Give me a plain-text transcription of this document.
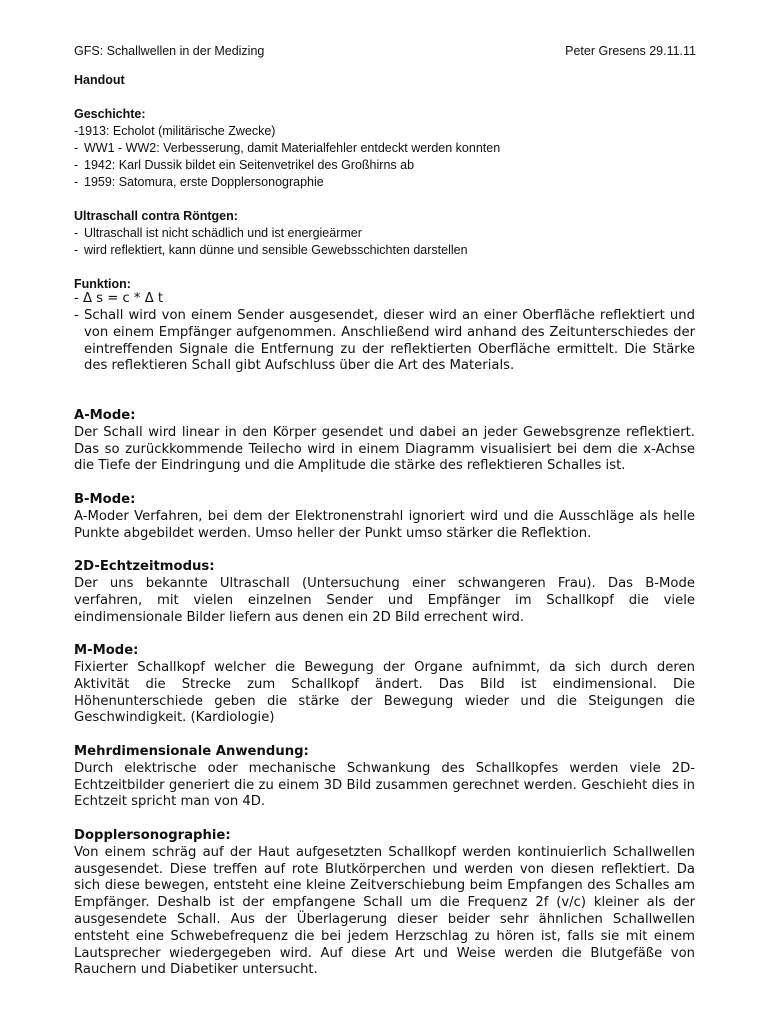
GFS: Schallwellen in der Medizing	Peter Gresens 29.11.11
Handout
Geschichte:
-1913: Echolot (militärische Zwecke)
- WW1 - WW2: Verbesserung, damit Materialfehler entdeckt werden konnten
- 1942: Karl Dussik bildet ein Seitenvetrikel des Großhirns ab
- 1959: Satomura, erste Dopplersonographie
Ultraschall contra Röntgen:
- Ultraschall ist nicht schädlich und ist energieärmer
- wird reflektiert, kann dünne und sensible Gewebsschichten darstellen
Funktion:
- Δ s = c * Δ t
- Schall wird von einem Sender ausgesendet, dieser wird an einer Oberfläche reflektiert und von einem Empfänger aufgenommen. Anschließend wird anhand des Zeitunterschiedes der eintreffenden Signale die Entfernung zu der reflektierten Oberfläche ermittelt. Die Stärke des reflektieren Schall gibt Aufschluss über die Art des Materials.
A-Mode:
Der Schall wird linear in den Körper gesendet und dabei an jeder Gewebsgrenze reflektiert. Das so zurückkommende Teilecho wird in einem Diagramm visualisiert bei dem die x-Achse die Tiefe der Eindringung und die Amplitude die stärke des reflektieren Schalles ist.
B-Mode:
A-Moder Verfahren, bei dem der Elektronenstrahl ignoriert wird und die Ausschläge als helle Punkte abgebildet werden. Umso heller der Punkt umso stärker die Reflektion.
2D-Echtzeitmodus:
Der uns bekannte Ultraschall (Untersuchung einer schwangeren Frau). Das B-Mode verfahren, mit vielen einzelnen Sender und Empfänger im Schallkopf die viele eindimensionale Bilder liefern aus denen ein 2D Bild errechent wird.
M-Mode:
Fixierter Schallkopf welcher die Bewegung der Organe aufnimmt, da sich durch deren Aktivität die Strecke zum Schallkopf ändert. Das Bild ist eindimensional. Die Höhenunterschiede geben die stärke der Bewegung wieder und die Steigungen die Geschwindigkeit. (Kardiologie)
Mehrdimensionale Anwendung:
Durch elektrische oder mechanische Schwankung des Schallkopfes werden viele 2D-Echtzeitbilder generiert die zu einem 3D Bild zusammen gerechnet werden. Geschieht dies in Echtzeit spricht man von 4D.
Dopplersonographie:
Von einem schräg auf der Haut aufgesetzten Schallkopf werden kontinuierlich Schallwellen ausgesendet. Diese treffen auf rote Blutkörperchen und werden von diesen reflektiert. Da sich diese bewegen, entsteht eine kleine Zeitverschiebung beim Empfangen des Schalles am Empfänger. Deshalb ist der empfangene Schall um die Frequenz 2f (v/c) kleiner als der ausgesendete Schall. Aus der Überlagerung dieser beider sehr ähnlichen Schallwellen entsteht eine Schwebefrequenz die bei jedem Herzschlag zu hören ist, falls sie mit einem Lautsprecher wiedergegeben wird. Auf diese Art und Weise werden die Blutgefäße von Rauchern und Diabetiker untersucht.
